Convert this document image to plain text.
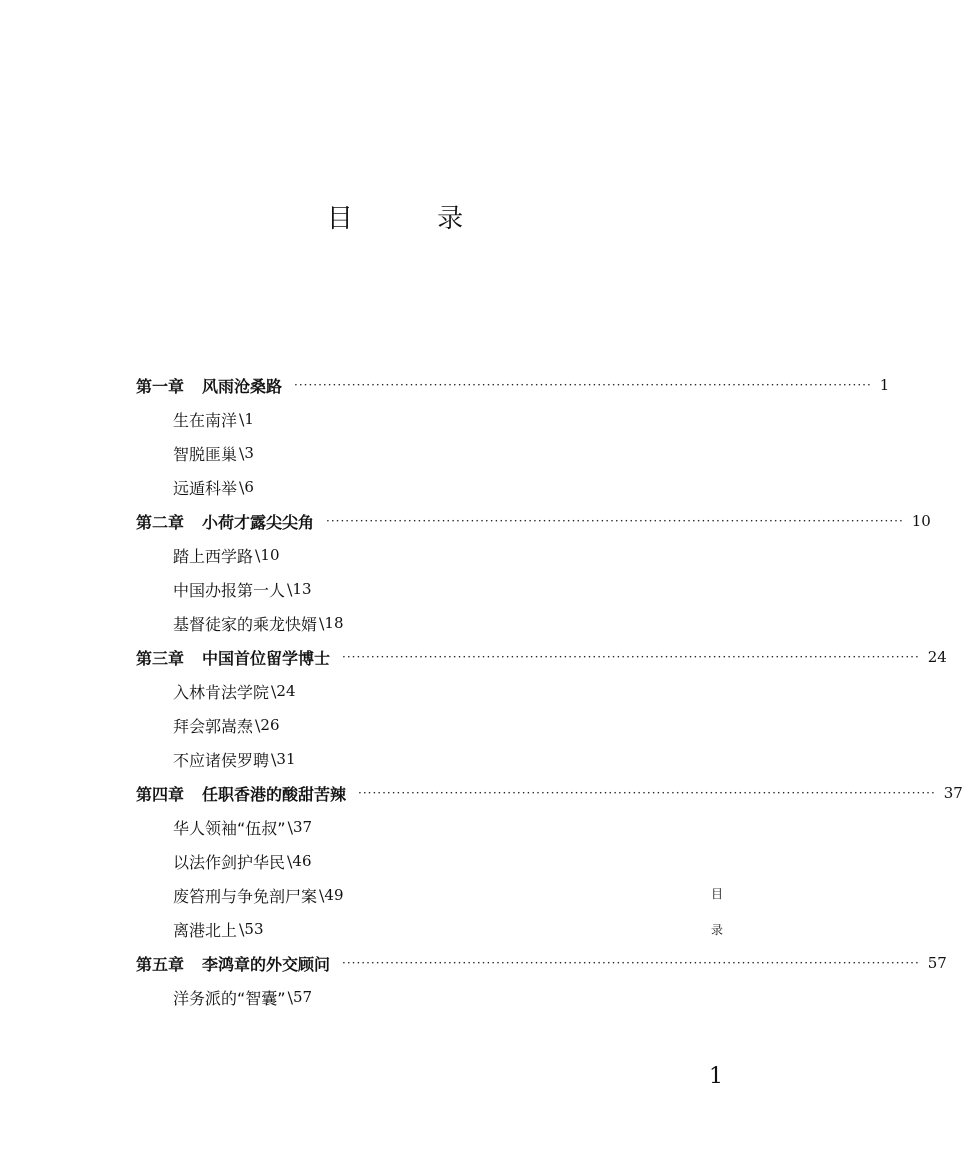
目 录
第一章 风雨沧桑路 ························································································································ 1
生在南洋 \ 1
智脱匪巢 \ 3
远遁科举 \ 6
第二章 小荷才露尖尖角 ························································································································ 10
踏上西学路 \ 10
中国办报第一人 \ 13
基督徒家的乘龙快婿 \ 18
第三章 中国首位留学博士 ························································································································ 24
入林肯法学院 \ 24
拜会郭嵩焘 \ 26
不应诸侯罗聘 \ 31
第四章 任职香港的酸甜苦辣 ························································································································ 37
华人领袖“伍叔” \ 37
以法作剑护华民 \ 46
废笞刑与争免剖尸案 \ 49
离港北上 \ 53
第五章 李鸿章的外交顾问 ························································································································ 57
洋务派的“智囊” \ 57
目
录
1
